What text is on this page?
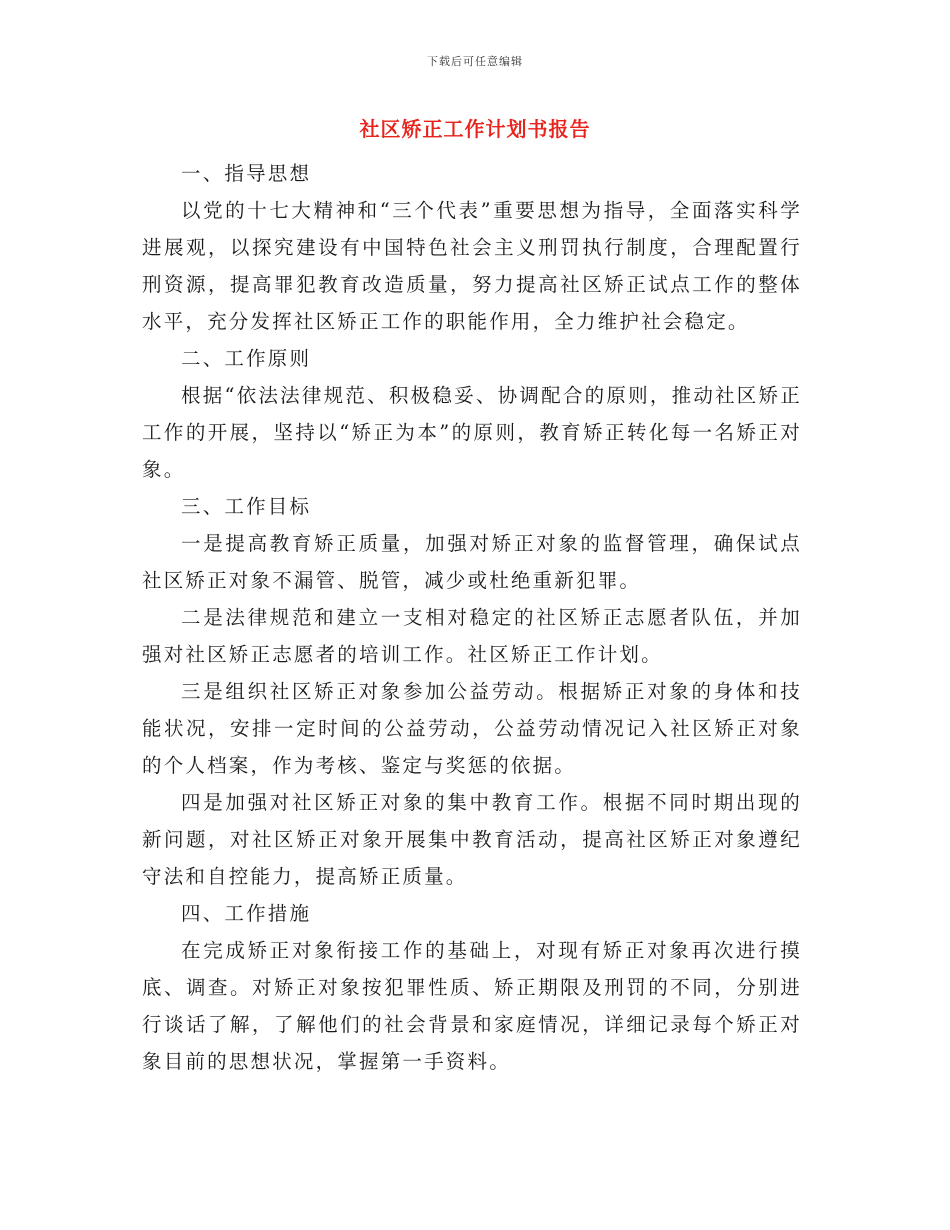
下载后可任意编辑
社区矫正工作计划书报告

一、指导思想

以党的十七大精神和“三个代表”重要思想为指导，全面落实科学进展观，以探究建设有中国特色社会主义刑罚执行制度，合理配置行刑资源，提高罪犯教育改造质量，努力提高社区矫正试点工作的整体水平，充分发挥社区矫正工作的职能作用，全力维护社会稳定。

二、工作原则

根据“依法法律规范、积极稳妥、协调配合的原则，推动社区矫正工作的开展，坚持以“矫正为本”的原则，教育矫正转化每一名矫正对象。

三、工作目标

一是提高教育矫正质量，加强对矫正对象的监督管理，确保试点社区矫正对象不漏管、脱管，减少或杜绝重新犯罪。

二是法律规范和建立一支相对稳定的社区矫正志愿者队伍，并加强对社区矫正志愿者的培训工作。社区矫正工作计划。

三是组织社区矫正对象参加公益劳动。根据矫正对象的身体和技能状况，安排一定时间的公益劳动，公益劳动情况记入社区矫正对象的个人档案，作为考核、鉴定与奖惩的依据。

四是加强对社区矫正对象的集中教育工作。根据不同时期出现的新问题，对社区矫正对象开展集中教育活动，提高社区矫正对象遵纪守法和自控能力，提高矫正质量。

四、工作措施

在完成矫正对象衔接工作的基础上，对现有矫正对象再次进行摸底、调查。对矫正对象按犯罪性质、矫正期限及刑罚的不同，分别进行谈话了解，了解他们的社会背景和家庭情况，详细记录每个矫正对象目前的思想状况，掌握第一手资料。
